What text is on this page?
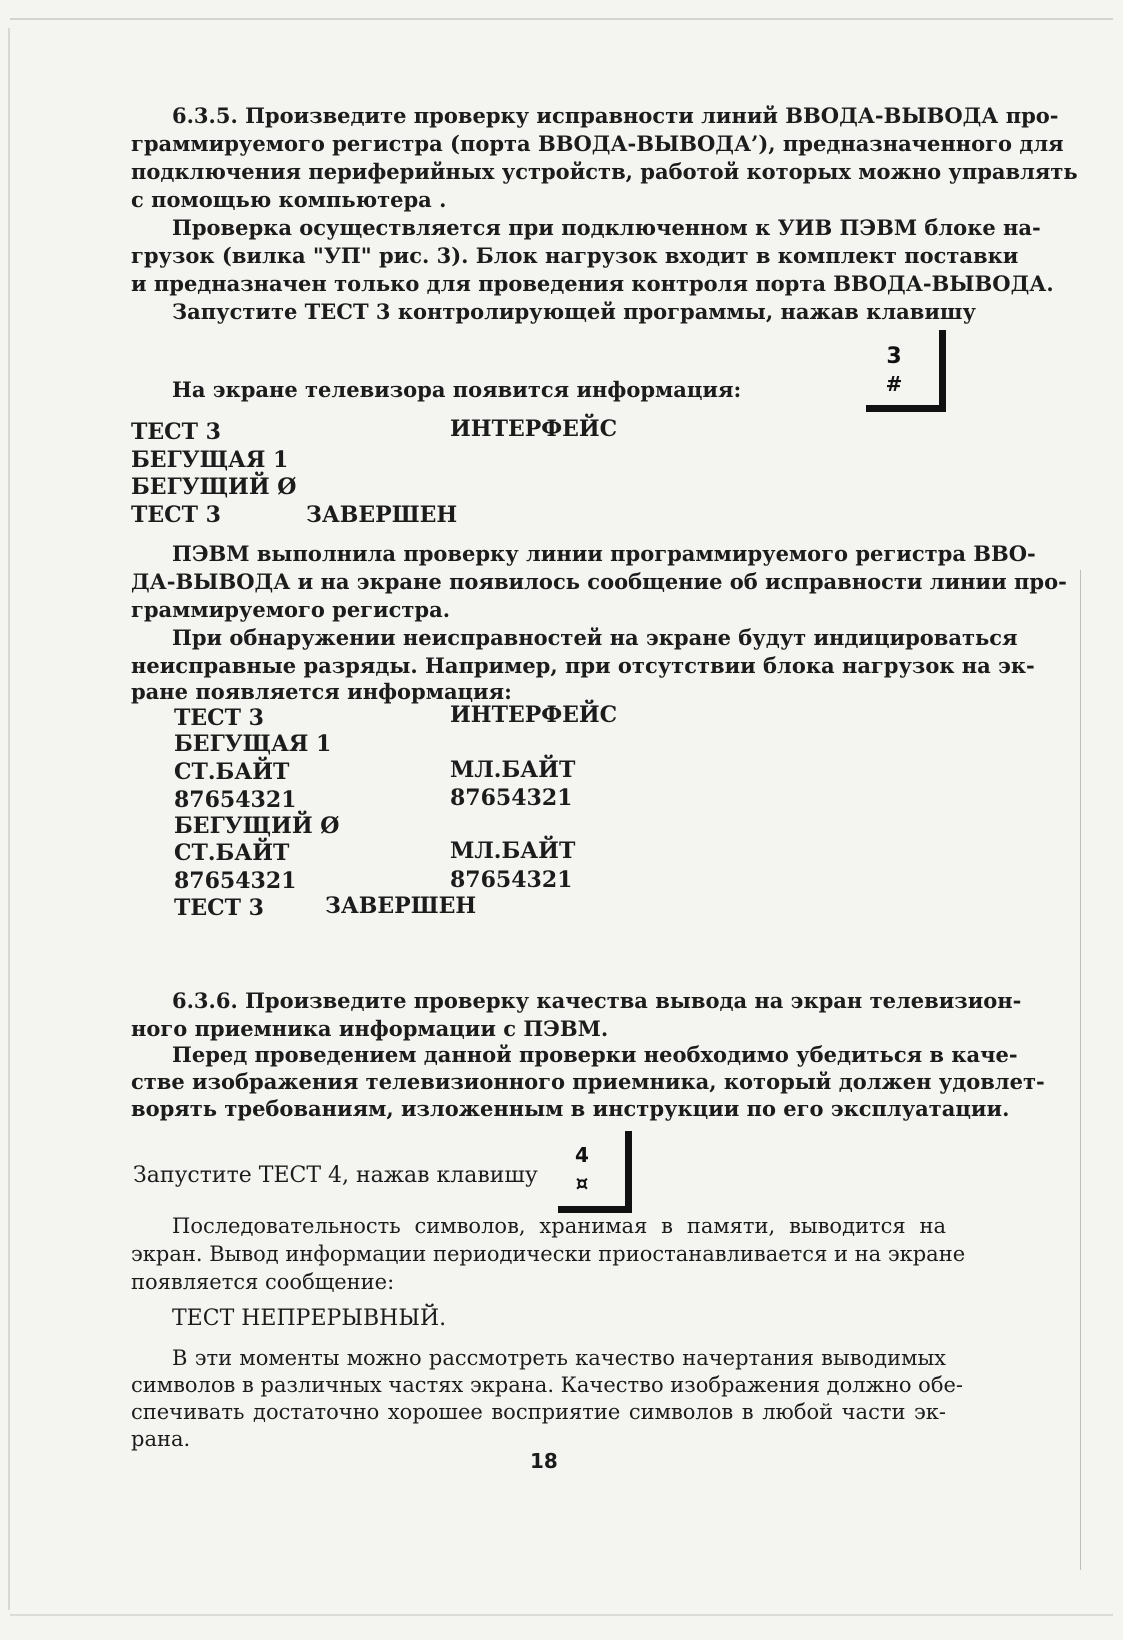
6.3.5. Произведите проверку исправности линий ВВОДА-ВЫВОДА про-
граммируемого регистра (порта ВВОДА-ВЫВОДА’), предназначенного для
подключения периферийных устройств, работой которых можно управлять
с помощью компьютера .
Проверка осуществляется при подключенном к УИВ ПЭВМ блоке на-
грузок (вилка "УП" рис. 3). Блок нагрузок входит в комплект поставки
и предназначен только для проведения контроля порта ВВОДА-ВЫВОДА.
Запустите ТЕСТ 3 контролирующей программы, нажав клавишу
3
#
На экране телевизора появится информация:
ТЕСТ 3	ИНТЕРФЕЙС
БЕГУЩАЯ 1
БЕГУЩИЙ Ø
ТЕСТ 3	ЗАВЕРШЕН
ПЭВМ выполнила проверку линии программируемого регистра ВВО-
ДА-ВЫВОДА и на экране появилось сообщение об исправности линии про-
граммируемого регистра.
При обнаружении неисправностей на экране будут индицироваться
неисправные разряды. Например, при отсутствии блока нагрузок на эк-
ране появляется информация:
ТЕСТ 3	ИНТЕРФЕЙС
БЕГУЩАЯ 1
СТ.БАЙТ	МЛ.БАЙТ
87654321	87654321
БЕГУЩИЙ Ø
СТ.БАЙТ	МЛ.БАЙТ
87654321	87654321
ТЕСТ 3	ЗАВЕРШЕН
6.3.6. Произведите проверку качества вывода на экран телевизион-
ного приемника информации с ПЭВМ.
Перед проведением данной проверки необходимо убедиться в каче-
стве изображения телевизионного приемника, который должен удовлет-
ворять требованиям, изложенным в инструкции по его эксплуатации.
Запустите ТЕСТ 4, нажав клавишу
4
¤
Последовательность символов, хранимая в памяти, выводится на
экран. Вывод информации периодически приостанавливается и на экране
появляется сообщение:
ТЕСТ НЕПРЕРЫВНЫЙ.
В эти моменты можно рассмотреть качество начертания выводимых
символов в различных частях экрана. Качество изображения должно обе-
спечивать достаточно хорошее восприятие символов в любой части эк-
рана.
18
